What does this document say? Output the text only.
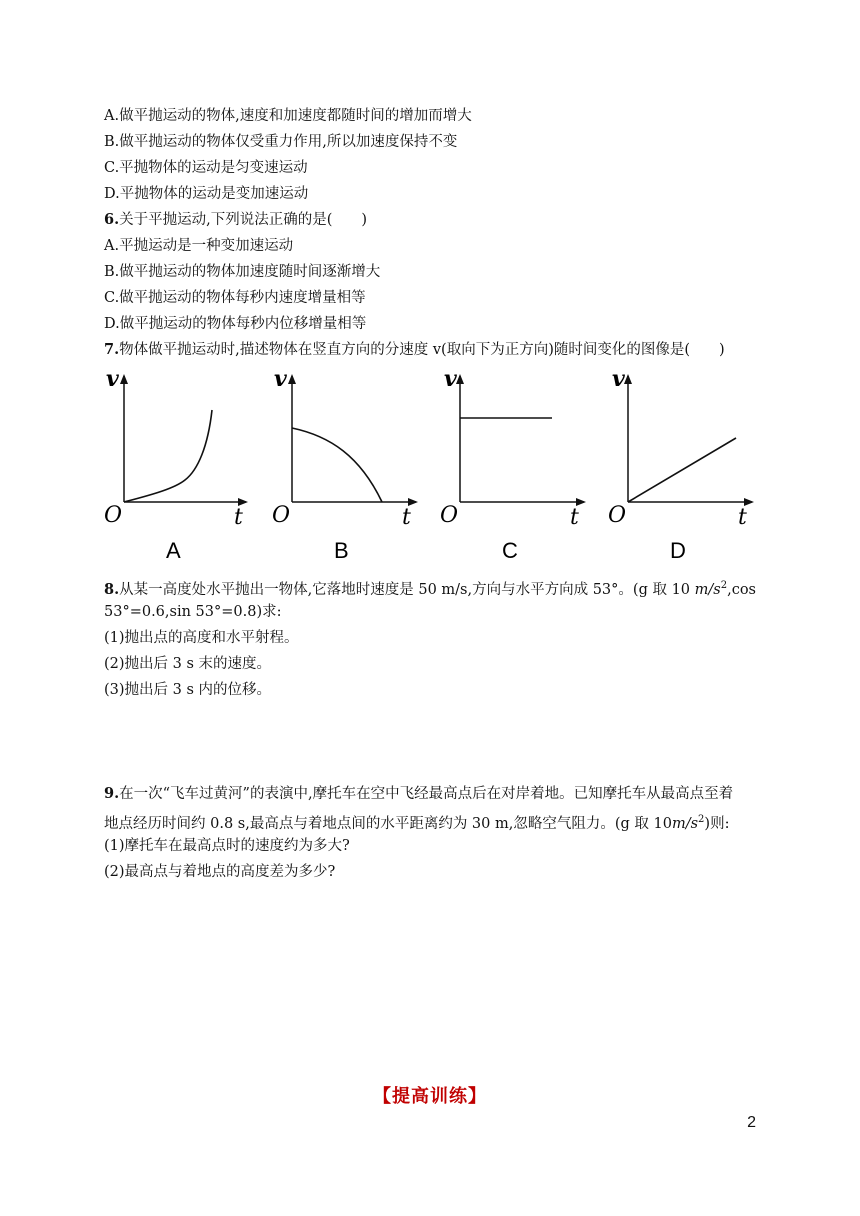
A.做平抛运动的物体,速度和加速度都随时间的增加而增大
B.做平抛运动的物体仅受重力作用,所以加速度保持不变
C.平抛物体的运动是匀变速运动
D.平抛物体的运动是变加速运动
6.关于平抛运动,下列说法正确的是(　　)
A.平抛运动是一种变加速运动
B.做平抛运动的物体加速度随时间逐渐增大
C.做平抛运动的物体每秒内速度增量相等
D.做平抛运动的物体每秒内位移增量相等
7.物体做平抛运动时,描述物体在竖直方向的分速度 v(取向下为正方向)随时间变化的图像是(　　)
v
O	t
A
v
O	t
B
v
O	t
C
v
O	t
D
8.从某一高度处水平抛出一物体,它落地时速度是 50 m/s,方向与水平方向成 53°。(g 取 10 $m/s^2,\cos$
53°=0.6,sin 53°=0.8)求:
(1)抛出点的高度和水平射程。
(2)抛出后 3 s 末的速度。
(3)抛出后 3 s 内的位移。
9.在一次“飞车过黄河”的表演中,摩托车在空中飞经最高点后在对岸着地。已知摩托车从最高点至着
地点经历时间约 0.8 s,最高点与着地点间的水平距离约为 30 m,忽略空气阻力。(g 取 $10m/s^2$)则:
(1)摩托车在最高点时的速度约为多大?
(2)最高点与着地点的高度差为多少?
【提高训练】
2
